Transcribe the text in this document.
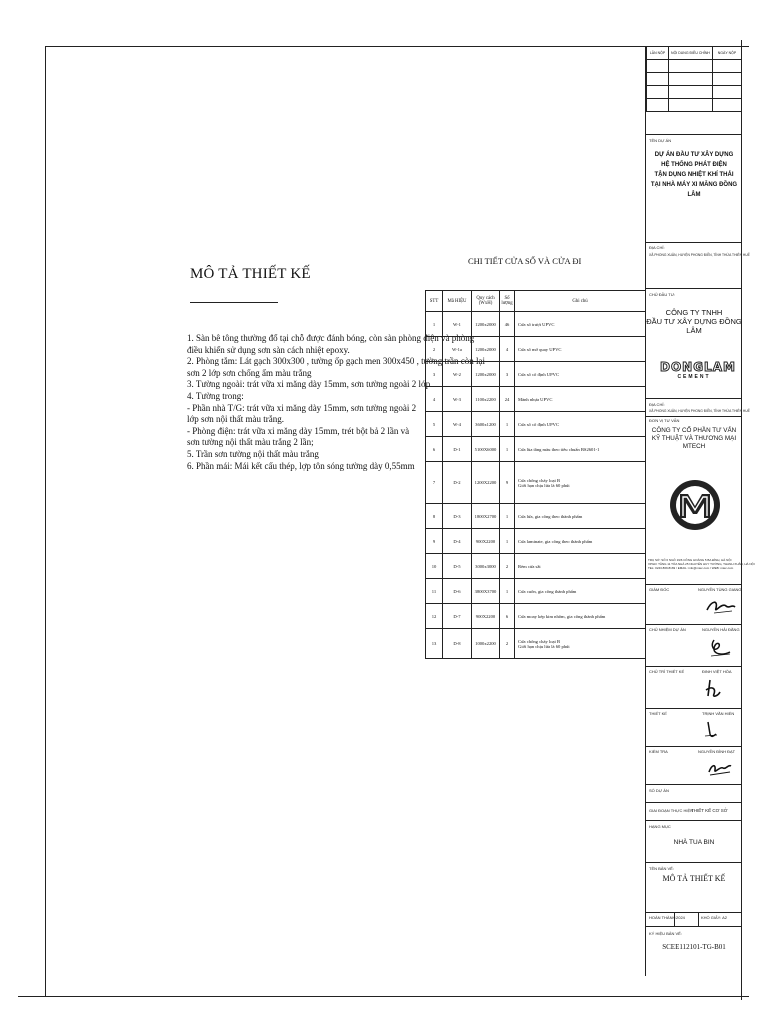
MÔ TẢ THIẾT KẾ
1. Sàn bê tông thường đổ tại chỗ được đánh bóng, còn sàn phòng điện và phòng
điều khiển sử dụng sơn sàn cách nhiệt epoxy.
2. Phòng tắm: Lát gạch 300x300 , tường ốp gạch men 300x450 , tường trần còn lại
sơn 2 lớp sơn chống ẩm màu trắng
3. Tường ngoài: trát vữa xi măng dày 15mm, sơn tường ngoài 2 lớp
4. Tường trong:
- Phần nhà T/G: trát vữa xi măng dày 15mm, sơn tường ngoài 2
lớp sơn nội thất màu trắng.
- Phòng điện: trát vữa xi măng dày 15mm, trét bột bả 2 lần và
sơn tường nội thất màu trắng 2 lần;
5. Trần sơn tường nội thất màu trắng
6. Phần mái: Mái kết cấu thép, lợp tôn sóng tường dày 0,55mm
CHI TIẾT CỬA SỔ VÀ CỬA ĐI
STT	Mã HIỆU	Quy cách (WxH)	Số lượng	Ghi chú
1	W-1	1200x2000	46	Cửa số trượt UPVC
2	W-1a	1200x2000	4	Cửa số mở quay UPVC
3	W-2	1200x2000	3	Cửa số cố định UPVC
4	W-3	1100x2200	24	Mành nhựa UPVC
5	W-4	3600x1200	1	Cửa số cố định UPVC
6	D-1	5100X6000	1	Cửa lùa tầng màu theo tiêu chuẩn BS2601-1
7	D-2	1200X2200	9	Cửa chống cháy loại B
Giới hạn chịu lửa là 60 phút
8	D-3	1800X2700	1	Cửa lửa, gia công theo thành phẩm
9	D-4	900X2200	1	Cửa laminate, gia công theo thành phẩm
10	D-5	3000x3000	2	Rèm cửa sắt
11	D-6	3800X3700	1	Cửa cuốn, gia công thành phẩm
12	D-7	900X2200	6	Cửa moay kép kim nhôm, gia công thành phẩm
13	D-8	1000x2200	2	Cửa chống cháy loại B
Giới hạn chịu lửa là 60 phút
LẦN NỘP	NỘI DUNG ĐIỀU CHỈNH	NGÀY NỘP

TÊN DỰ ÁN
DỰ ÁN ĐẦU TƯ XÂY DỰNG
HỆ THỐNG PHÁT ĐIỆN
TẬN DỤNG NHIỆT KHÍ THẢI
TẠI NHÀ MÁY XI MĂNG ĐỒNG LÂM
ĐỊA CHỈ:
XÃ PHONG XUÂN, HUYỆN PHONG ĐIỀN, TỈNH THỪA THIÊN HUẾ
CHỦ ĐẦU TƯ:
CÔNG TY TNHH
ĐẦU TƯ XÂY DỰNG ĐỒNG LÂM
DONGLAM
CEMENT
ĐỊA CHỈ:
XÃ PHONG XUÂN, HUYỆN PHONG ĐIỀN, TỈNH THỪA THIÊN HUẾ
ĐƠN VỊ TƯ VẤN
CÔNG TY CỔ PHẦN TƯ VẤN
KỸ THUẬT VÀ THƯƠNG MẠI MTECH
TRỤ SỞ: SỐ 6 NGÕ 19/6 CÔNG HOÀNG 5 BA ĐÌNH, HÀ NỘI
VPGD: TẦNG 11 TÒA NHÀ 25 NGUYỄN HUY TƯỞNG, THANH XUÂN, HÀ NỘI
TEL: 0243.869.8169 / EMAIL: info@mtec.com / WEB: mtec.com
GIÁM ĐỐC	NGUYỄN TÙNG GIANG
CHỦ NHIỆM DỰ ÁN	NGUYỄN HẢI ĐĂNG
CHỦ TRÌ THIẾT KẾ	ĐINH VIỆT HÒA
THIẾT KẾ	TRỊNH VĂN HIỂN
KIỂM TRA	NGUYỄN ĐÌNH ĐẠT
SỐ DỰ ÁN
GIAI ĐOẠN THỰC HIỆN
THIẾT KẾ CƠ SỞ
HẠNG MỤC
NHÀ TUA BIN
TÊN BẢN VẼ:
MÔ TẢ THIẾT KẾ
HOÀN THÀNH: 2024	KHỔ GIẤY: A2
KÝ HIỆU BẢN VẼ:
SCEE112101-TG-B01
